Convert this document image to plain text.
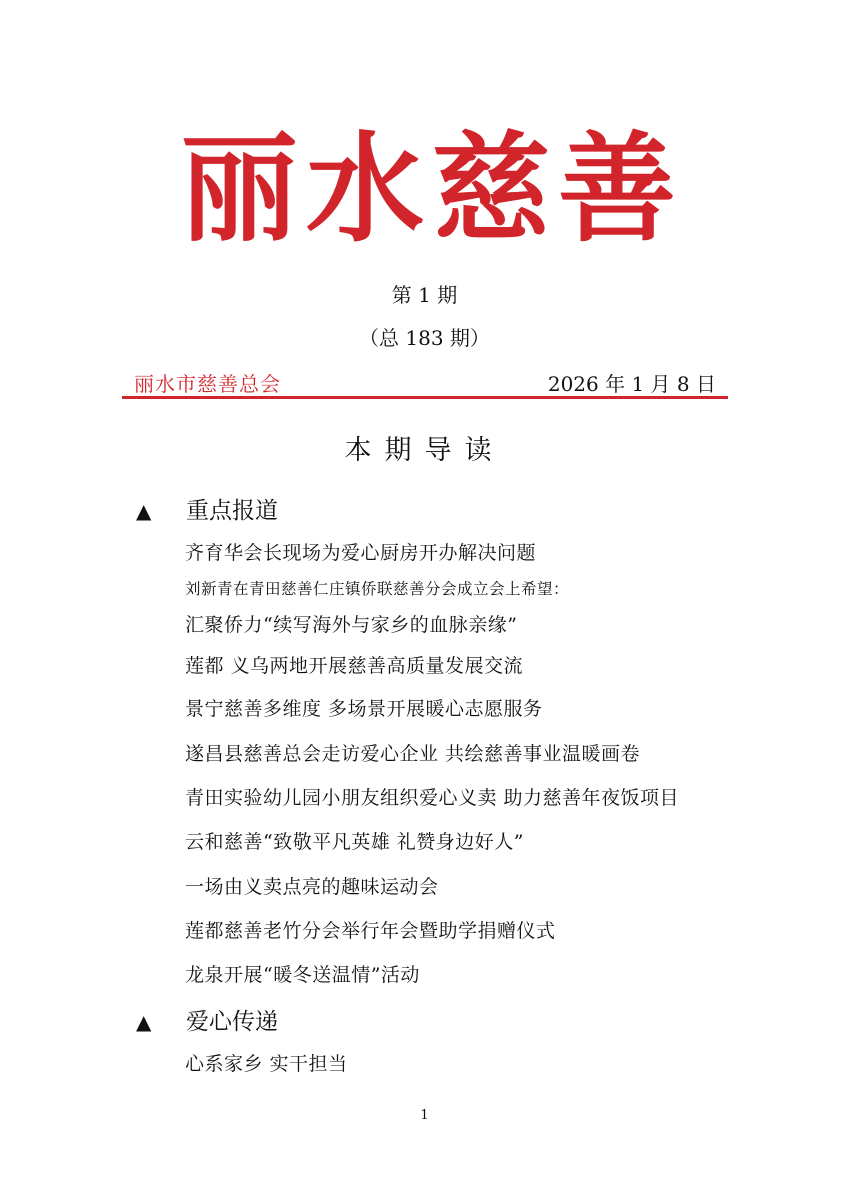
丽水慈善
第 1 期
（总 183 期）
丽水市慈善总会	2026 年 1 月 8 日
本期导读
▲ 重点报道
齐育华会长现场为爱心厨房开办解决问题
刘新青在青田慈善仁庄镇侨联慈善分会成立会上希望：
汇聚侨力“续写海外与家乡的血脉亲缘”
莲都 义乌两地开展慈善高质量发展交流
景宁慈善多维度 多场景开展暖心志愿服务
遂昌县慈善总会走访爱心企业 共绘慈善事业温暖画卷
青田实验幼儿园小朋友组织爱心义卖 助力慈善年夜饭项目
云和慈善“致敬平凡英雄 礼赞身边好人”
一场由义卖点亮的趣味运动会
莲都慈善老竹分会举行年会暨助学捐赠仪式
龙泉开展“暖冬送温情”活动
▲ 爱心传递
心系家乡 实干担当
1
